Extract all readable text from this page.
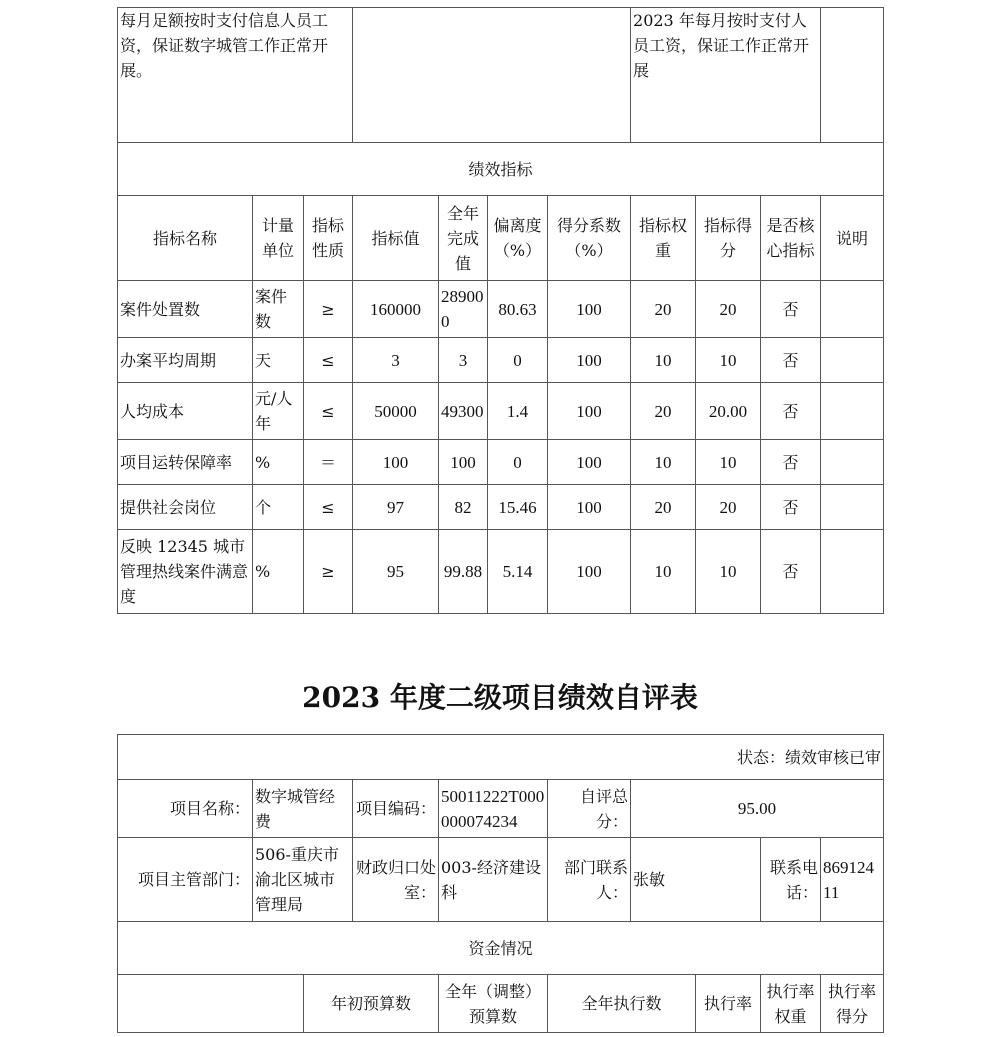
每月足额按时支付信息人员工资，保证数字城管工作正常开展。							2023 年每月按时支付人员工资，保证工作正常开展			
绩效指标										
指标名称	计量单位	指标性质	指标值	全年完成值	偏离度（%）	得分系数（%）	指标权重	指标得分	是否核心指标	说明
案件处置数	案件数	≥	160000	289000	80.63	100	20	20	否	
办案平均周期	天	≤	3	3	0	100	10	10	否	
人均成本	元/人年	≤	50000	49300	1.4	100	20	20.00	否	
项目运转保障率	%	＝	100	100	0	100	10	10	否	
提供社会岗位	个	≤	97	82	15.46	100	20	20	否	
反映 12345 城市管理热线案件满意度	%	≥	95	99.88	5.14	100	10	10	否	
2023 年度二级项目绩效自评表
状态：绩效审核已审									
项目名称：	数字城管经费		项目编码：	50011222T000000074234	自评总分：	95.00			
项目主管部门：	506-重庆市渝北区城市管理局		财政归口处室：	003-经济建设科	部门联系人：	张敏		联系电话：	86912411
资金情况									
		年初预算数		全年（调整）预算数	全年执行数		执行率	执行率权重	执行率得分
